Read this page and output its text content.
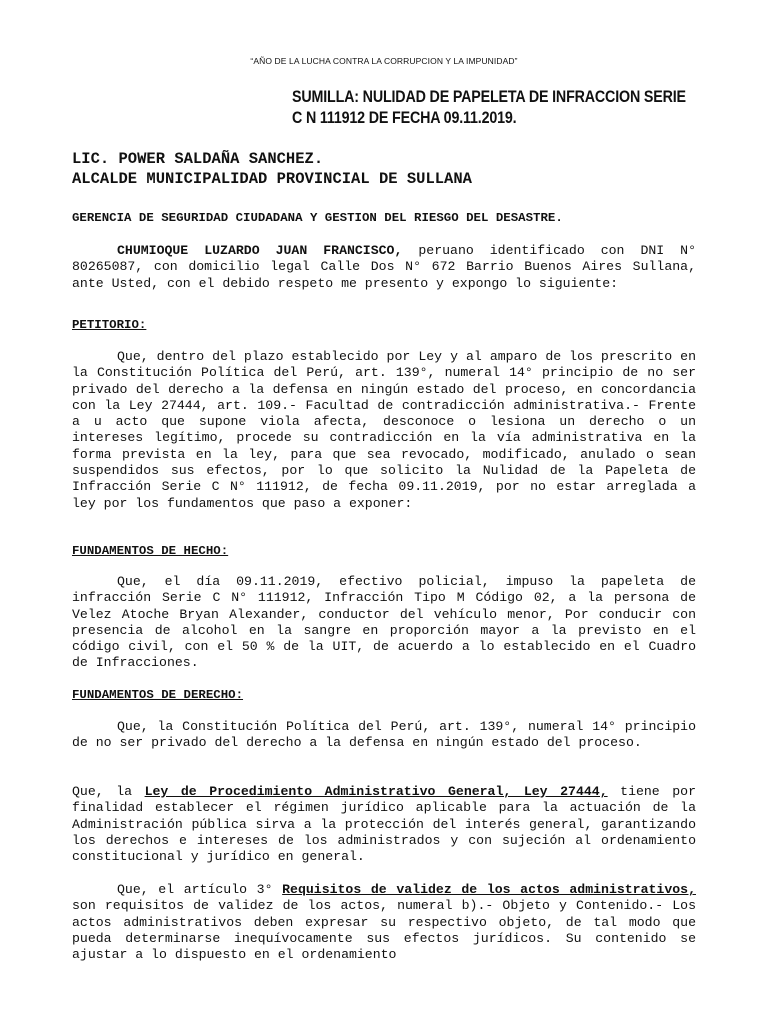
“AÑO DE LA LUCHA CONTRA LA CORRUPCION Y LA IMPUNIDAD”
SUMILLA: NULIDAD DE PAPELETA DE INFRACCION SERIE
C N 111912 DE FECHA 09.11.2019.
LIC. POWER SALDAÑA SANCHEZ.
ALCALDE MUNICIPALIDAD PROVINCIAL DE SULLANA
GERENCIA DE SEGURIDAD CIUDADANA Y GESTION DEL RIESGO DEL DESASTRE.

CHUMIOQUE LUZARDO JUAN FRANCISCO, peruano identificado con DNI N° 80265087, con domicilio legal Calle Dos N° 672 Barrio Buenos Aires Sullana, ante Usted, con el debido respeto me presento y expongo lo siguiente:

PETITORIO:

Que, dentro del plazo establecido por Ley y al amparo de los prescrito en la Constitución Política del Perú, art. 139°, numeral 14° principio de no ser privado del derecho a la defensa en ningún estado del proceso, en concordancia con la Ley 27444, art. 109.- Facultad de contradicción administrativa.- Frente a u acto que supone viola afecta, desconoce o lesiona un derecho o un intereses legítimo, procede su contradicción en la vía administrativa en la forma prevista en la ley, para que sea revocado, modificado, anulado o sean suspendidos sus efectos, por lo que solicito la Nulidad de la Papeleta de Infracción Serie C N° 111912, de fecha 09.11.2019, por no estar arreglada a ley por los fundamentos que paso a exponer:

FUNDAMENTOS DE HECHO:

Que, el día 09.11.2019, efectivo policial, impuso la papeleta de infracción Serie C N° 111912, Infracción Tipo M Código 02, a la persona de Velez Atoche Bryan Alexander, conductor del vehículo menor, Por conducir con presencia de alcohol en la sangre en proporción mayor a la previsto en el código civil, con el 50 % de la UIT, de acuerdo a lo establecido en el Cuadro de Infracciones.

FUNDAMENTOS DE DERECHO:

Que, la Constitución Política del Perú, art. 139°, numeral 14° principio de no ser privado del derecho a la defensa en ningún estado del proceso.

Que, la Ley de Procedimiento Administrativo General, Ley 27444, tiene por finalidad establecer el régimen jurídico aplicable para la actuación de la Administración pública sirva a la protección del interés general, garantizando los derechos e intereses de los administrados y con sujeción al ordenamiento constitucional y jurídico en general.

Que, el artículo 3° Requisitos de validez de los actos administrativos, son requisitos de validez de los actos, numeral b).- Objeto y Contenido.- Los actos administrativos deben expresar su respectivo objeto, de tal modo que pueda determinarse inequívocamente sus efectos jurídicos. Su contenido se ajustar a lo dispuesto en el ordenamiento
